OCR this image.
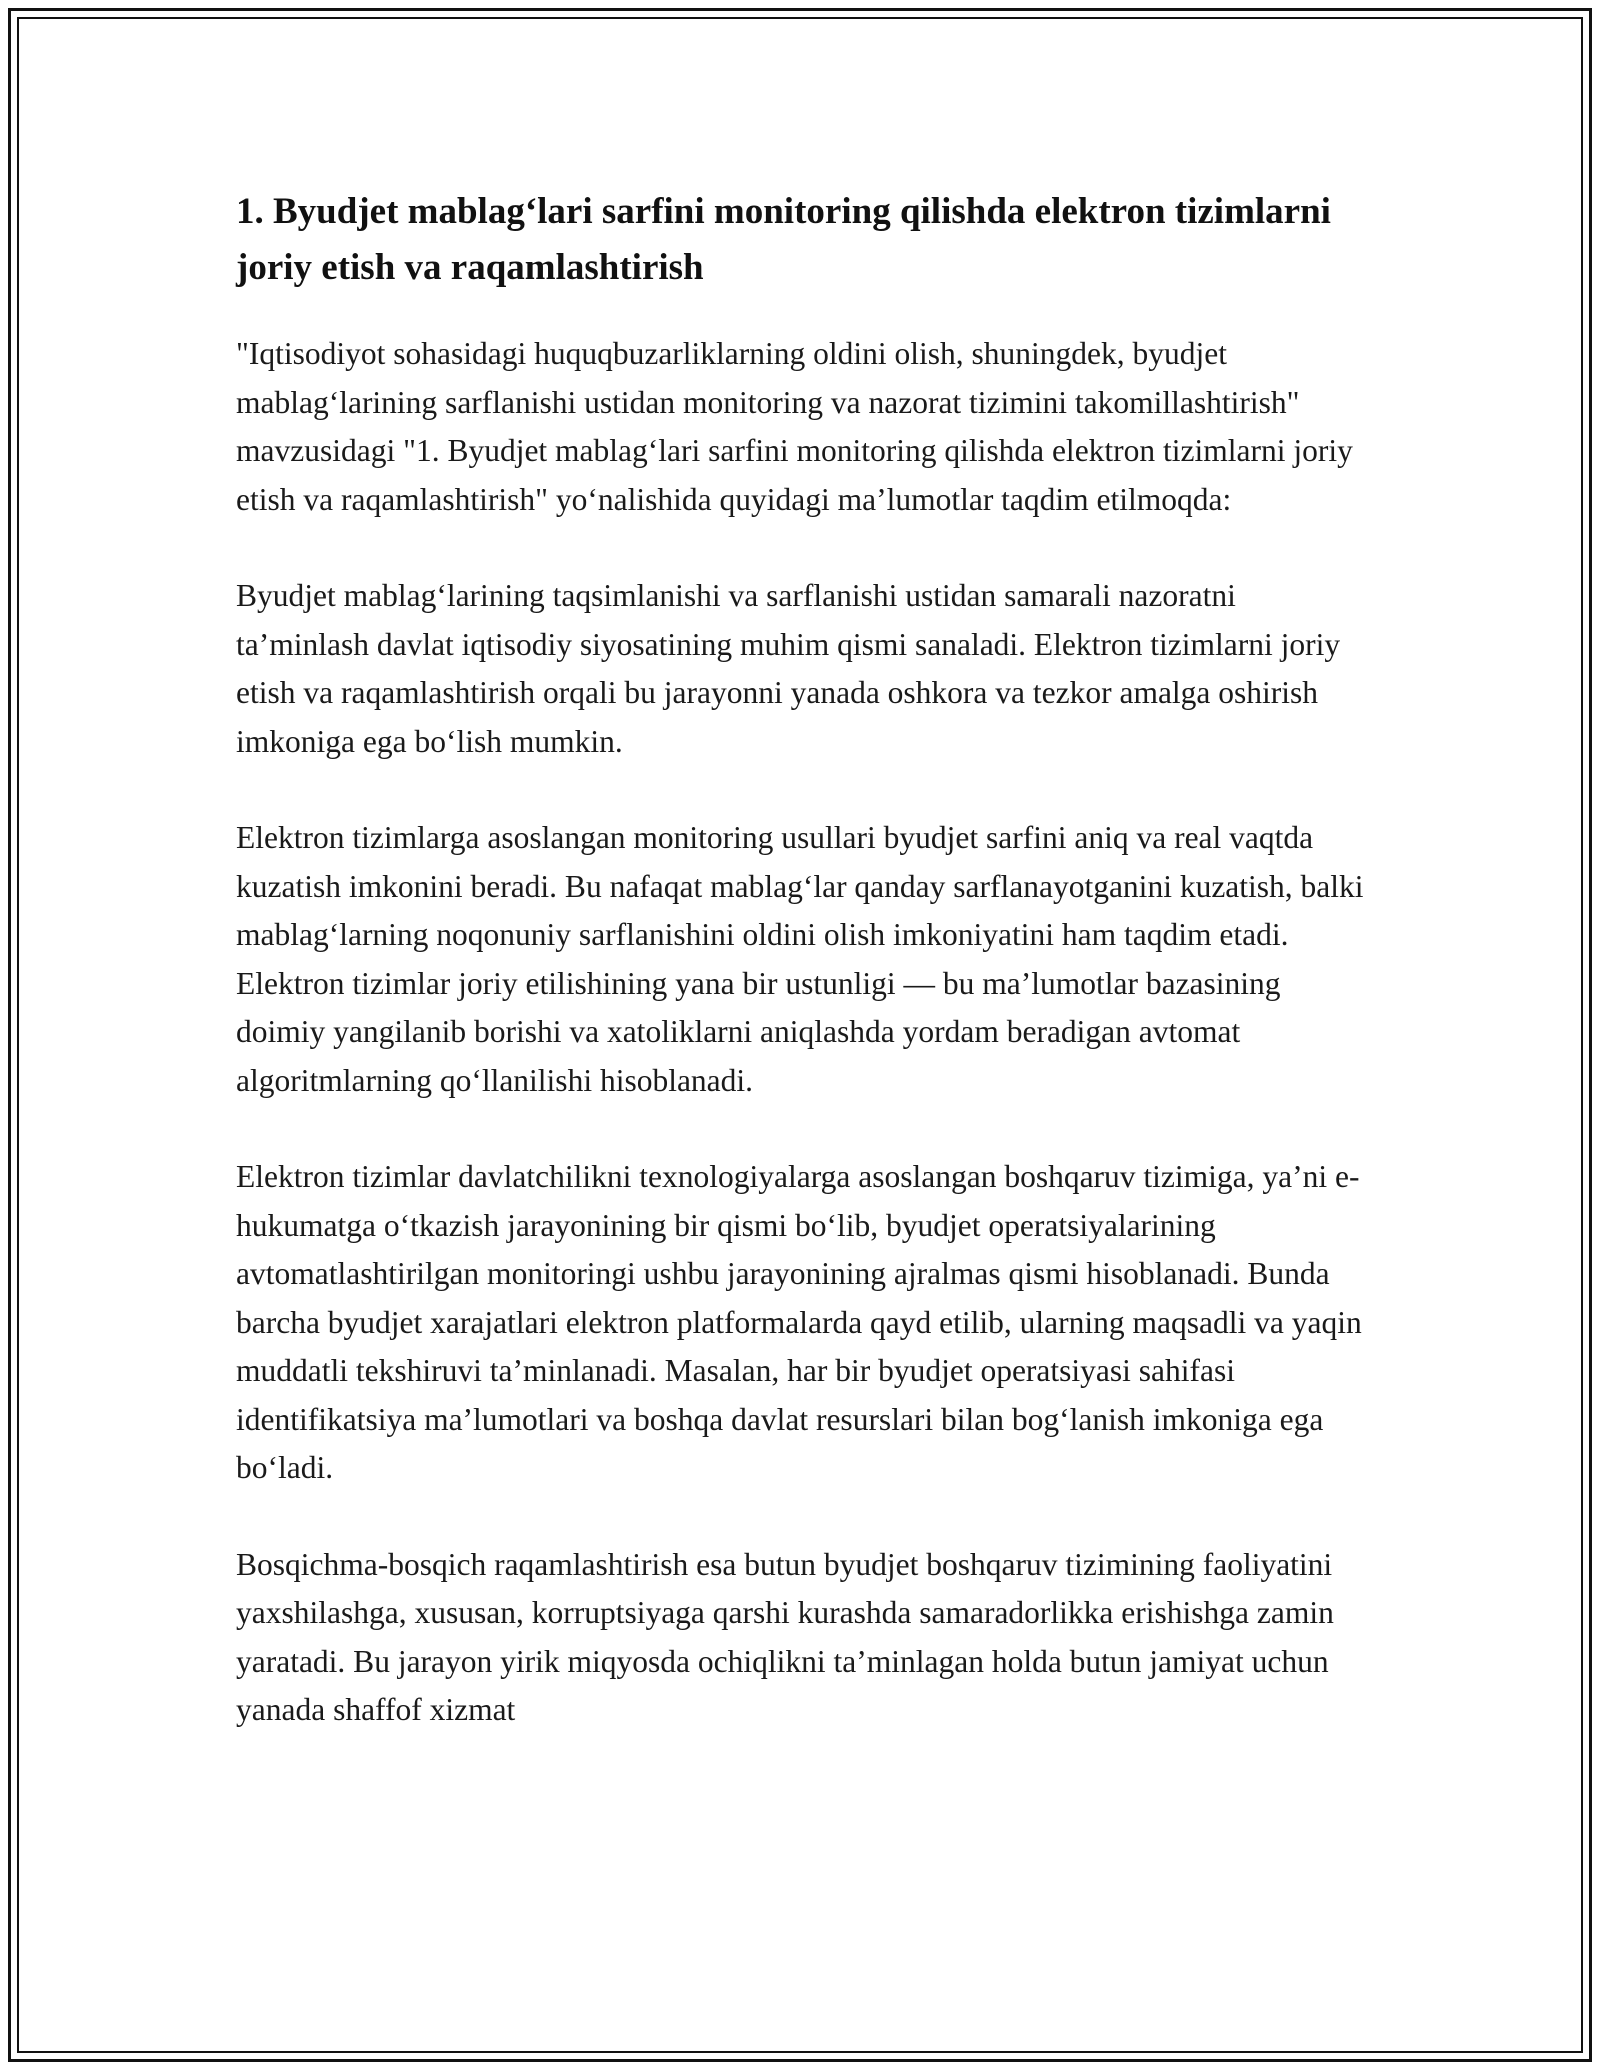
1. Byudjet mablag‘lari sarfini monitoring qilishda elektron tizimlarni joriy etish va raqamlashtirish

"Iqtisodiyot sohasidagi huquqbuzarliklarning oldini olish, shuningdek, byudjet mablag‘larining sarflanishi ustidan monitoring va nazorat tizimini takomillashtirish" mavzusidagi "1. Byudjet mablag‘lari sarfini monitoring qilishda elektron tizimlarni joriy etish va raqamlashtirish" yo‘nalishida quyidagi ma’lumotlar taqdim etilmoqda:

Byudjet mablag‘larining taqsimlanishi va sarflanishi ustidan samarali nazoratni ta’minlash davlat iqtisodiy siyosatining muhim qismi sanaladi. Elektron tizimlarni joriy etish va raqamlashtirish orqali bu jarayonni yanada oshkora va tezkor amalga oshirish imkoniga ega bo‘lish mumkin.

Elektron tizimlarga asoslangan monitoring usullari byudjet sarfini aniq va real vaqtda kuzatish imkonini beradi. Bu nafaqat mablag‘lar qanday sarflanayotganini kuzatish, balki mablag‘larning noqonuniy sarflanishini oldini olish imkoniyatini ham taqdim etadi. Elektron tizimlar joriy etilishining yana bir ustunligi — bu ma’lumotlar bazasining doimiy yangilanib borishi va xatoliklarni aniqlashda yordam beradigan avtomat algoritmlarning qo‘llanilishi hisoblanadi.

Elektron tizimlar davlatchilikni texnologiyalarga asoslangan boshqaruv tizimiga, ya’ni e-hukumatga o‘tkazish jarayonining bir qismi bo‘lib, byudjet operatsiyalarining avtomatlashtirilgan monitoringi ushbu jarayonining ajralmas qismi hisoblanadi. Bunda barcha byudjet xarajatlari elektron platformalarda qayd etilib, ularning maqsadli va yaqin muddatli tekshiruvi ta’minlanadi. Masalan, har bir byudjet operatsiyasi sahifasi identifikatsiya ma’lumotlari va boshqa davlat resurslari bilan bog‘lanish imkoniga ega bo‘ladi.

Bosqichma-bosqich raqamlashtirish esa butun byudjet boshqaruv tizimining faoliyatini yaxshilashga, xususan, korruptsiyaga qarshi kurashda samaradorlikka erishishga zamin yaratadi. Bu jarayon yirik miqyosda ochiqlikni ta’minlagan holda butun jamiyat uchun yanada shaffof xizmat
